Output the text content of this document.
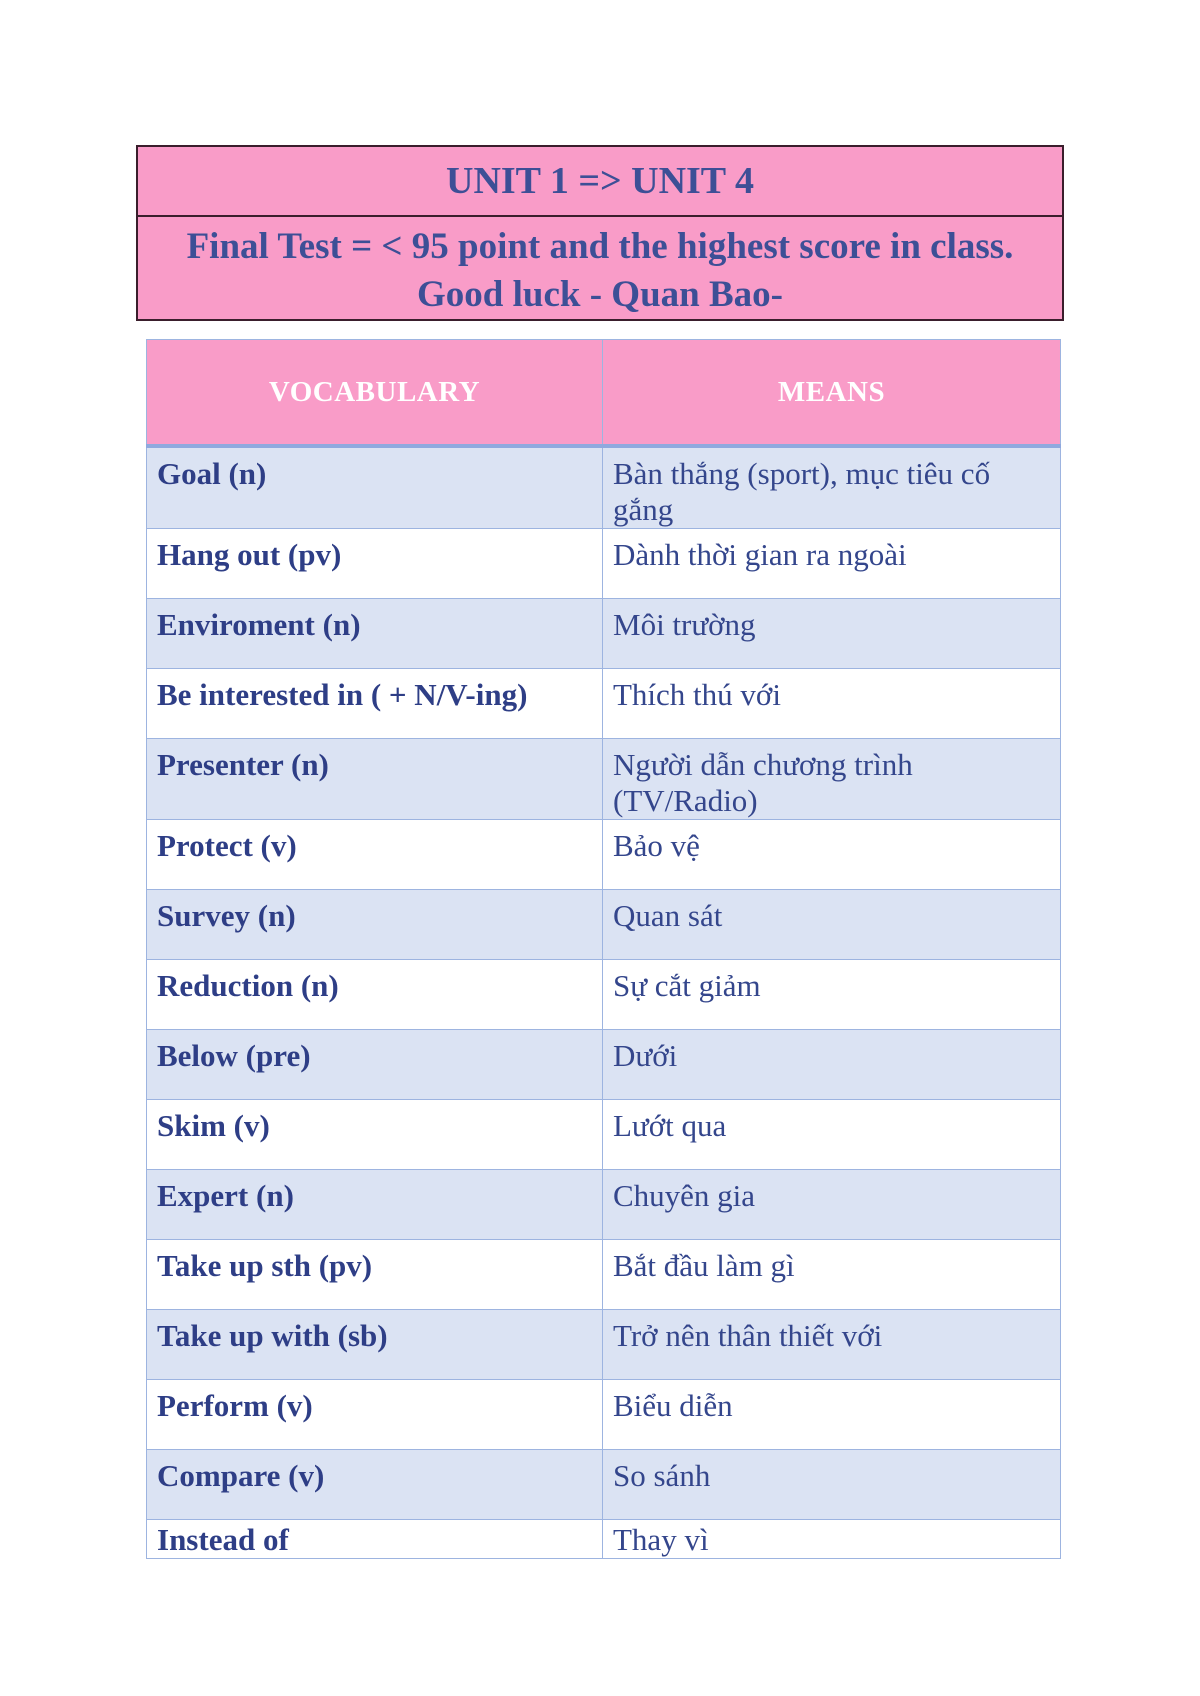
UNIT 1 => UNIT 4
Final Test = < 95 point and the highest score in class.
Good luck - Quan Bao-
VOCABULARY	MEANS
Goal (n)	Bàn thắng (sport), mục tiêu cố gắng
Hang out (pv)	Dành thời gian ra ngoài
Enviroment (n)	Môi trường
Be interested in ( + N/V-ing)	Thích thú với
Presenter (n)	Người dẫn chương trình (TV/Radio)
Protect (v)	Bảo vệ
Survey (n)	Quan sát
Reduction (n)	Sự cắt giảm
Below (pre)	Dưới
Skim (v)	Lướt qua
Expert (n)	Chuyên gia
Take up sth (pv)	Bắt đầu làm gì
Take up with (sb)	Trở nên thân thiết với
Perform (v)	Biểu diễn
Compare (v)	So sánh
Instead of	Thay vì
